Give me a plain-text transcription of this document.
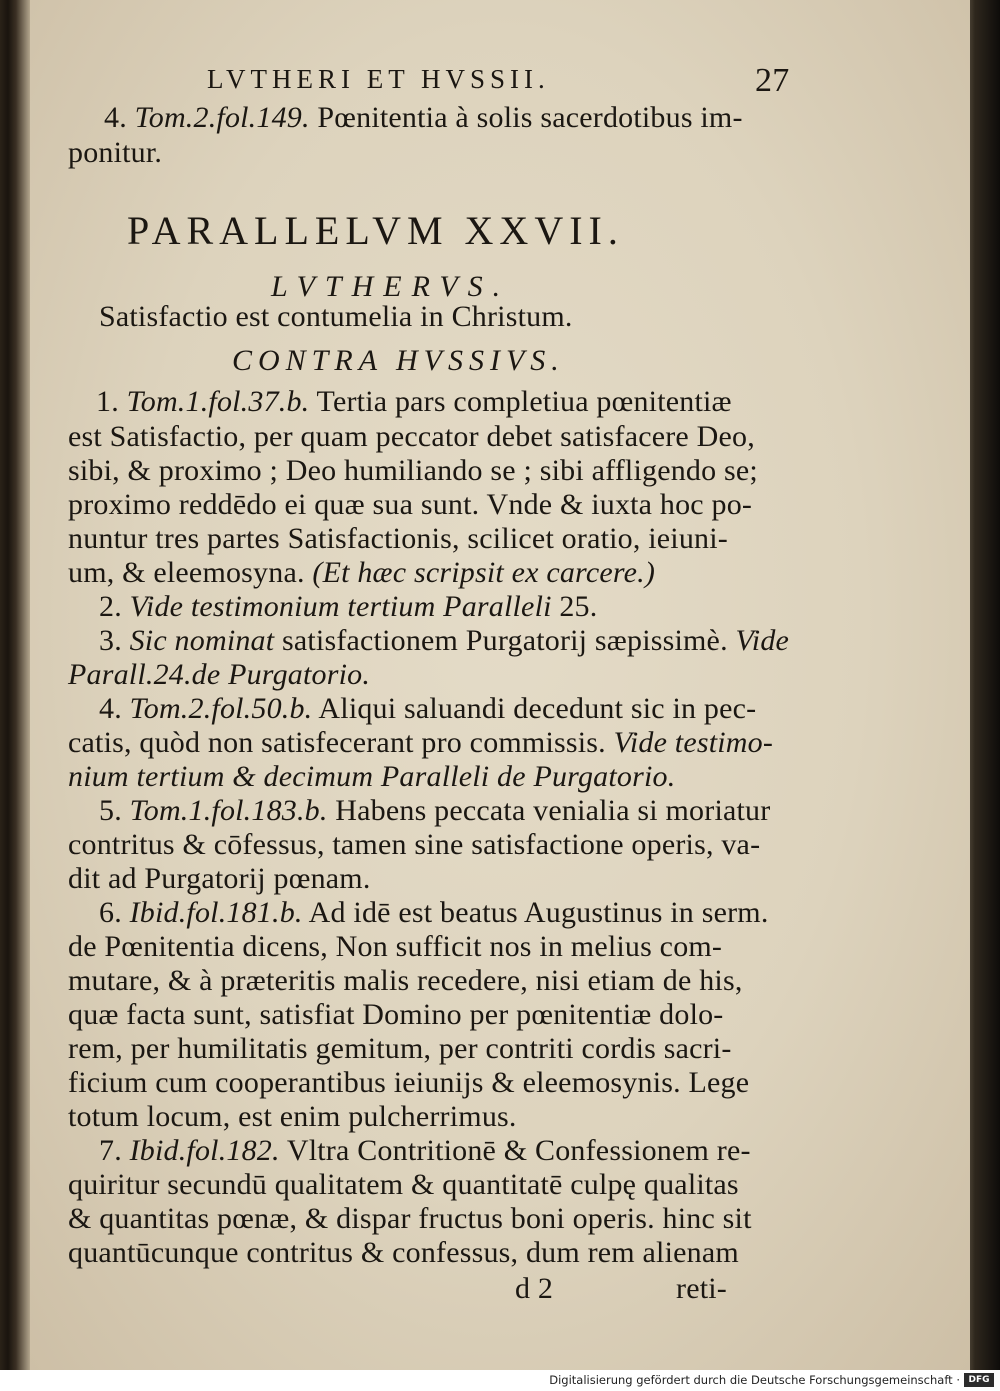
LVTHERI ET HVSSII.	27
4. Tom.2.fol.149. Pœnitentia à solis sacerdotibus im-
ponitur.
PARALLELVM XXVII.
LVTHERVS.
Satisfactio est contumelia in Christum.
CONTRA HVSSIVS.
1. Tom.1.fol.37.b. Tertia pars completiua pœnitentiæ
est Satisfactio, per quam peccator debet satisfacere Deo,
sibi, & proximo ; Deo humiliando se ; sibi affligendo se;
proximo reddēdo ei quæ sua sunt. Vnde & iuxta hoc po-
nuntur tres partes Satisfactionis, scilicet oratio, ieiuni-
um, & eleemosyna. (Et hæc scripsit ex carcere.)
2. Vide testimonium tertium Paralleli 25.
3. Sic nominat satisfactionem Purgatorij sæpissimè. Vide
Parall.24.de Purgatorio.
4. Tom.2.fol.50.b. Aliqui saluandi decedunt sic in pec-
catis, quòd non satisfecerant pro commissis. Vide testimo-
nium tertium & decimum Paralleli de Purgatorio.
5. Tom.1.fol.183.b. Habens peccata venialia si moriatur
contritus & cōfessus, tamen sine satisfactione operis, va-
dit ad Purgatorij pœnam.
6. Ibid.fol.181.b. Ad idē est beatus Augustinus in serm.
de Pœnitentia dicens, Non sufficit nos in melius com-
mutare, & à præteritis malis recedere, nisi etiam de his,
quæ facta sunt, satisfiat Domino per pœnitentiæ dolo-
rem, per humilitatis gemitum, per contriti cordis sacri-
ficium cum cooperantibus ieiunijs & eleemosynis. Lege
totum locum, est enim pulcherrimus.
7. Ibid.fol.182. Vltra Contritionē & Confessionem re-
quiritur secundū qualitatem & quantitatē culpę qualitas
& quantitas pœnæ, & dispar fructus boni operis. hinc sit
quantūcunque contritus & confessus, dum rem alienam
d 2	reti-
Digitalisierung gefördert durch die Deutsche Forschungsgemeinschaft · DFG
